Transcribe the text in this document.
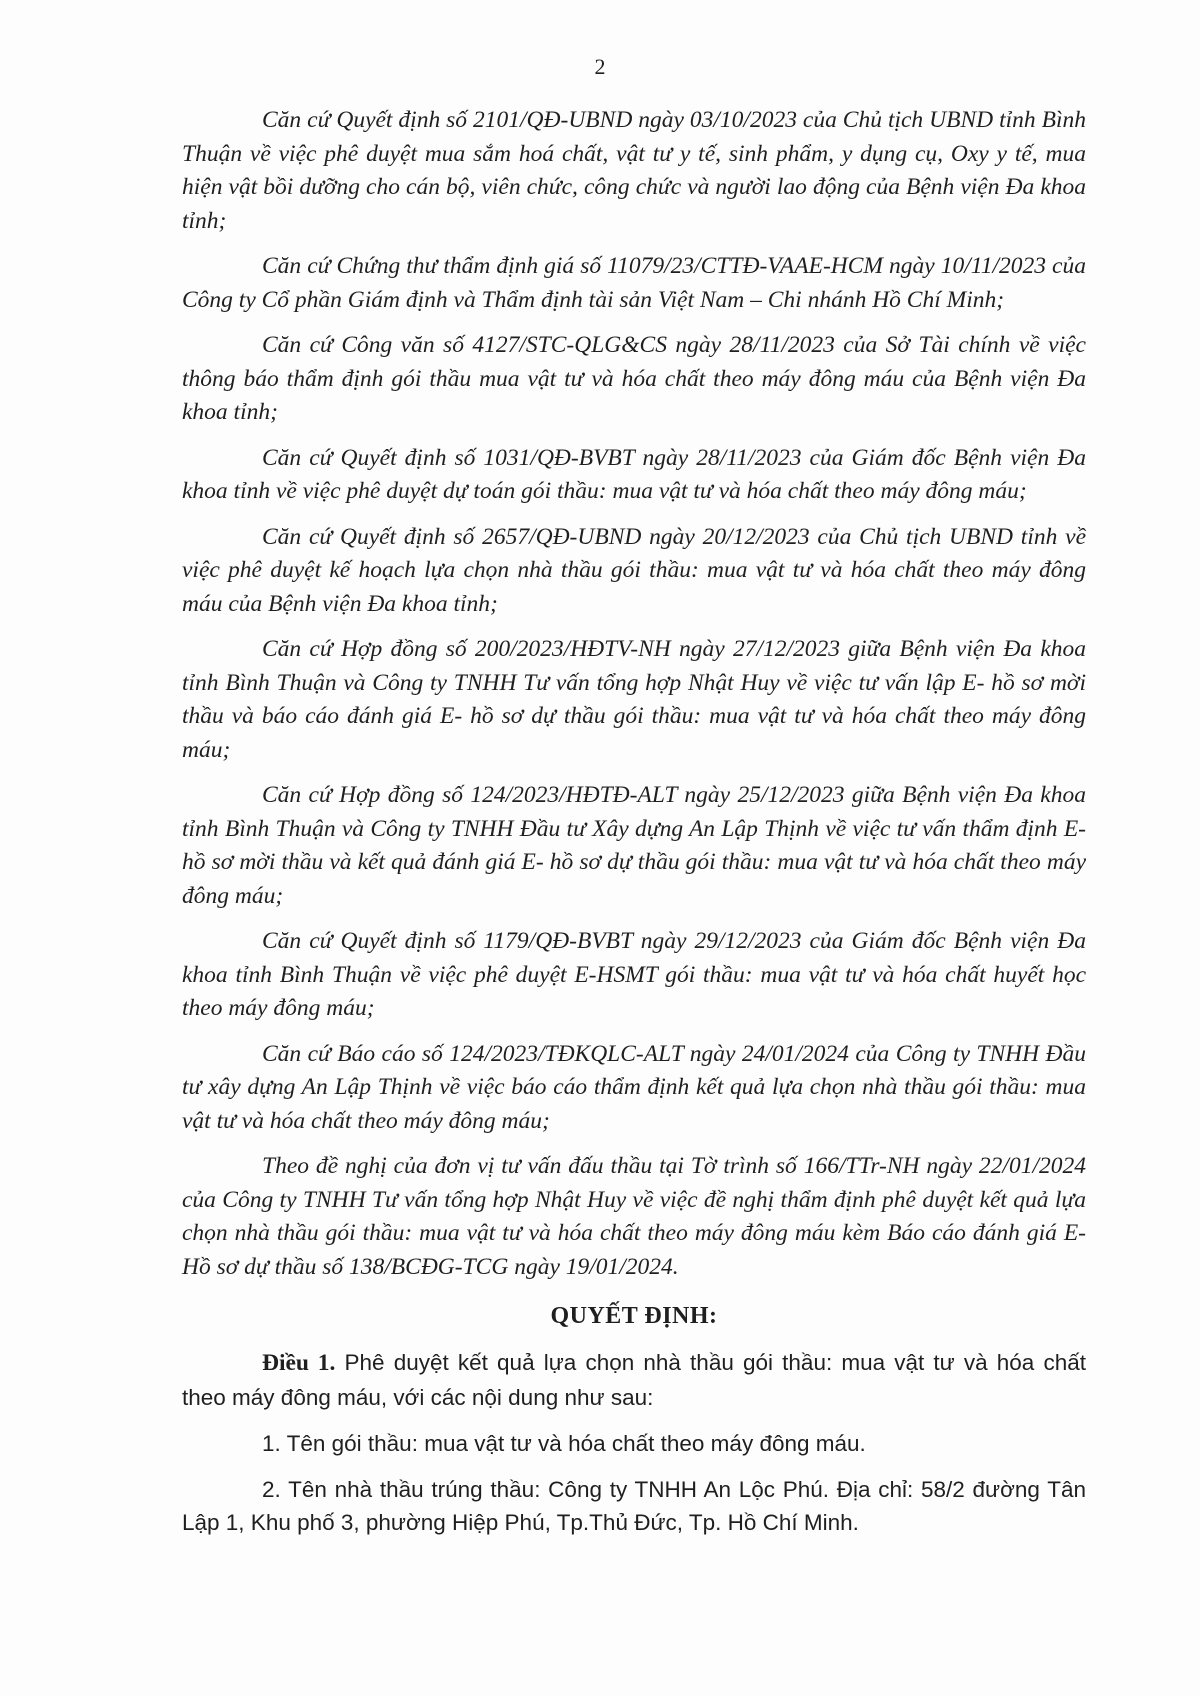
2

Căn cứ Quyết định số 2101/QĐ-UBND ngày 03/10/2023 của Chủ tịch UBND tỉnh Bình Thuận về việc phê duyệt mua sắm hoá chất, vật tư y tế, sinh phẩm, y dụng cụ, Oxy y tế, mua hiện vật bồi dưỡng cho cán bộ, viên chức, công chức và người lao động của Bệnh viện Đa khoa tỉnh;

Căn cứ Chứng thư thẩm định giá số 11079/23/CTTĐ-VAAE-HCM ngày 10/11/2023 của Công ty Cổ phần Giám định và Thẩm định tài sản Việt Nam – Chi nhánh Hồ Chí Minh;

Căn cứ Công văn số 4127/STC-QLG&CS ngày 28/11/2023 của Sở Tài chính về việc thông báo thẩm định gói thầu mua vật tư và hóa chất theo máy đông máu của Bệnh viện Đa khoa tỉnh;

Căn cứ Quyết định số 1031/QĐ-BVBT ngày 28/11/2023 của Giám đốc Bệnh viện Đa khoa tỉnh về việc phê duyệt dự toán gói thầu: mua vật tư và hóa chất theo máy đông máu;

Căn cứ Quyết định số 2657/QĐ-UBND ngày 20/12/2023 của Chủ tịch UBND tỉnh về việc phê duyệt kế hoạch lựa chọn nhà thầu gói thầu: mua vật tư và hóa chất theo máy đông máu của Bệnh viện Đa khoa tỉnh;

Căn cứ Hợp đồng số 200/2023/HĐTV-NH ngày 27/12/2023 giữa Bệnh viện Đa khoa tỉnh Bình Thuận và Công ty TNHH Tư vấn tổng hợp Nhật Huy về việc tư vấn lập E- hồ sơ mời thầu và báo cáo đánh giá E- hồ sơ dự thầu gói thầu: mua vật tư và hóa chất theo máy đông máu;

Căn cứ Hợp đồng số 124/2023/HĐTĐ-ALT ngày 25/12/2023 giữa Bệnh viện Đa khoa tỉnh Bình Thuận và Công ty TNHH Đầu tư Xây dựng An Lập Thịnh về việc tư vấn thẩm định E-hồ sơ mời thầu và kết quả đánh giá E- hồ sơ dự thầu gói thầu: mua vật tư và hóa chất theo máy đông máu;

Căn cứ Quyết định số 1179/QĐ-BVBT ngày 29/12/2023 của Giám đốc Bệnh viện Đa khoa tỉnh Bình Thuận về việc phê duyệt E-HSMT gói thầu: mua vật tư và hóa chất huyết học theo máy đông máu;

Căn cứ Báo cáo số 124/2023/TĐKQLC-ALT ngày 24/01/2024 của Công ty TNHH Đầu tư xây dựng An Lập Thịnh về việc báo cáo thẩm định kết quả lựa chọn nhà thầu gói thầu: mua vật tư và hóa chất theo máy đông máu;

Theo đề nghị của đơn vị tư vấn đấu thầu tại Tờ trình số 166/TTr-NH ngày 22/01/2024 của Công ty TNHH Tư vấn tổng hợp Nhật Huy về việc đề nghị thẩm định phê duyệt kết quả lựa chọn nhà thầu gói thầu: mua vật tư và hóa chất theo máy đông máu kèm Báo cáo đánh giá E-Hồ sơ dự thầu số 138/BCĐG-TCG ngày 19/01/2024.

QUYẾT ĐỊNH:

Điều 1. Phê duyệt kết quả lựa chọn nhà thầu gói thầu: mua vật tư và hóa chất theo máy đông máu, với các nội dung như sau:

1. Tên gói thầu: mua vật tư và hóa chất theo máy đông máu.

2. Tên nhà thầu trúng thầu: Công ty TNHH An Lộc Phú. Địa chỉ: 58/2 đường Tân Lập 1, Khu phố 3, phường Hiệp Phú, Tp.Thủ Đức, Tp. Hồ Chí Minh.
